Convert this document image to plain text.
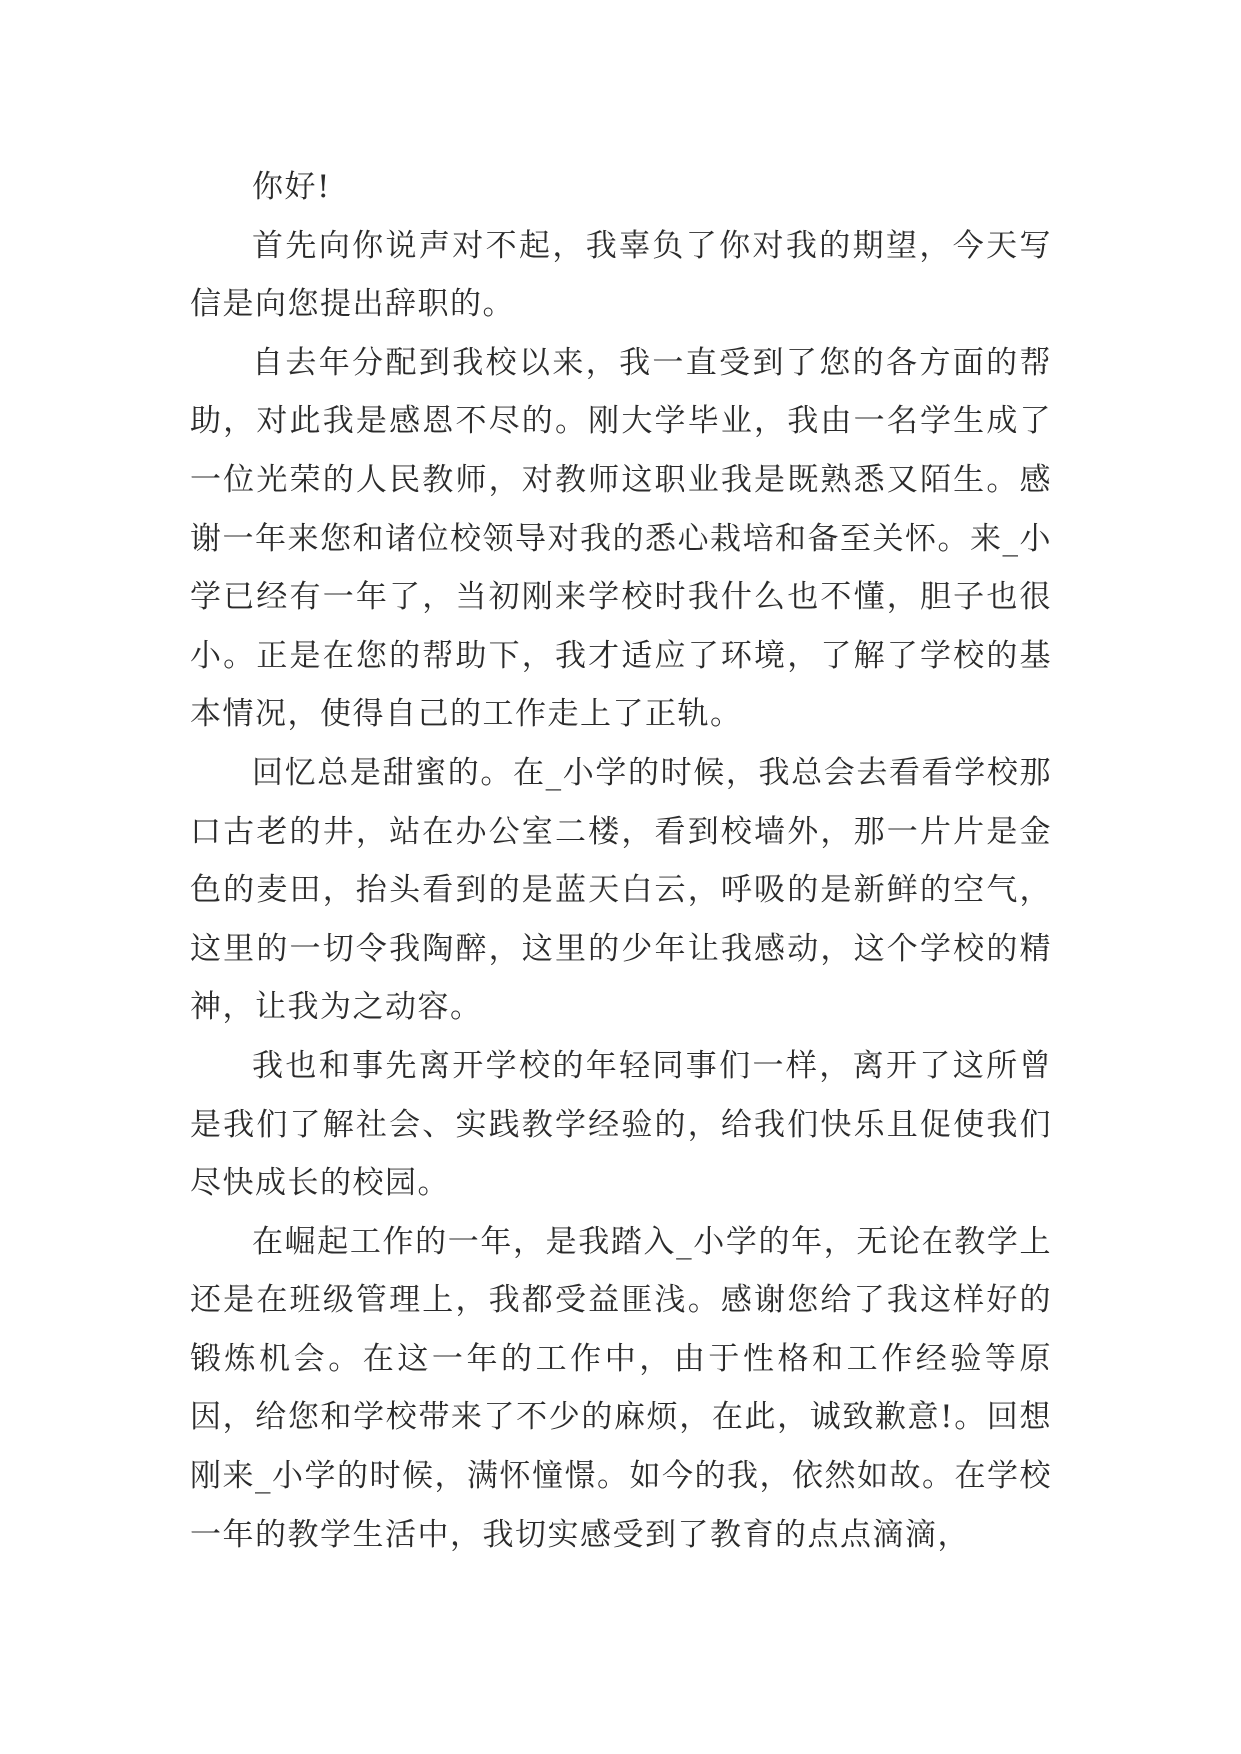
你好!

首先向你说声对不起，我辜负了你对我的期望，今天写信是向您提出辞职的。

自去年分配到我校以来，我一直受到了您的各方面的帮助，对此我是感恩不尽的。刚大学毕业，我由一名学生成了一位光荣的人民教师，对教师这职业我是既熟悉又陌生。感谢一年来您和诸位校领导对我的悉心栽培和备至关怀。来_小学已经有一年了，当初刚来学校时我什么也不懂，胆子也很小。正是在您的帮助下，我才适应了环境，了解了学校的基本情况，使得自己的工作走上了正轨。

回忆总是甜蜜的。在_小学的时候，我总会去看看学校那口古老的井，站在办公室二楼，看到校墙外，那一片片是金色的麦田，抬头看到的是蓝天白云，呼吸的是新鲜的空气，这里的一切令我陶醉，这里的少年让我感动，这个学校的精神，让我为之动容。

我也和事先离开学校的年轻同事们一样，离开了这所曾是我们了解社会、实践教学经验的，给我们快乐且促使我们尽快成长的校园。

在崛起工作的一年，是我踏入_小学的年，无论在教学上还是在班级管理上，我都受益匪浅。感谢您给了我这样好的锻炼机会。在这一年的工作中，由于性格和工作经验等原因，给您和学校带来了不少的麻烦，在此，诚致歉意!。回想刚来_小学的时候，满怀憧憬。如今的我，依然如故。在学校一年的教学生活中，我切实感受到了教育的点点滴滴，
